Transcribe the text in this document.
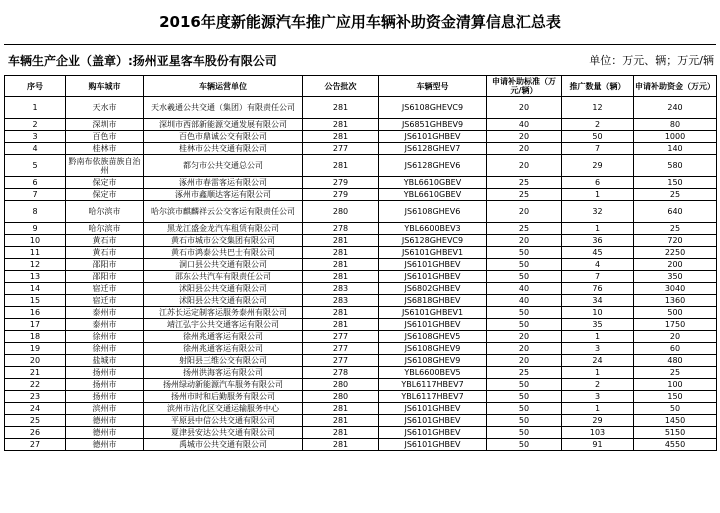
2016年度新能源汽车推广应用车辆补助资金清算信息汇总表
车辆生产企业（盖章）:扬州亚星客车股份有限公司	单位：万元、辆；万元/辆
序号	购车城市	车辆运营单位	公告批次	车辆型号	申请补助标准（万元/辆）	推广数量（辆）	申请补助资金（万元）
1	天水市	天水羲通公共交通（集团）有限责任公司	281	JS6108GHEVC9	20	12	240
2	深圳市	深圳市西部新能源交通发展有限公司	281	JS6851GHBEV9	40	2	80
3	百色市	百色市鼎诚公交有限公司	281	JS6101GHBEV	20	50	1000
4	桂林市	桂林市公共交通有限公司	277	JS6128GHEV7	20	7	140
5	黔南布依族苗族自治州	都匀市公共交通总公司	281	JS6128GHEV6	20	29	580
6	保定市	涿州市春雷客运有限公司	279	YBL6610GBEV	25	6	150
7	保定市	涿州市鑫顺达客运有限公司	279	YBL6610GBEV	25	1	25
8	哈尔滨市	哈尔滨市麒麟祥云公交客运有限责任公司	280	JS6108GHEV6	20	32	640
9	哈尔滨市	黑龙江盛金龙汽车租赁有限公司	278	YBL6600BEV3	25	1	25
10	黄石市	黄石市城市公交集团有限公司	281	JS6128GHEVC9	20	36	720
11	黄石市	黄石市鸿泰公共巴士有限公司	281	JS6101GHBEV1	50	45	2250
12	邵阳市	洞口县公共交通有限公司	281	JS6101GHBEV	50	4	200
13	邵阳市	邵东公共汽车有限责任公司	281	JS6101GHBEV	50	7	350
14	宿迁市	沭阳县公共交通有限公司	283	JS6802GHBEV	40	76	3040
15	宿迁市	沭阳县公共交通有限公司	283	JS6818GHBEV	40	34	1360
16	泰州市	江苏长运定制客运服务泰州有限公司	281	JS6101GHBEV1	50	10	500
17	泰州市	靖江弘宇公共交通客运有限公司	281	JS6101GHBEV	50	35	1750
18	徐州市	徐州兆通客运有限公司	277	JS6108GHEV5	20	1	20
19	徐州市	徐州兆通客运有限公司	277	JS6108GHEV9	20	3	60
20	盐城市	射阳县三维公交有限公司	277	JS6108GHEV9	20	24	480
21	扬州市	扬州洪海客运有限公司	278	YBL6600BEV5	25	1	25
22	扬州市	扬州绿动新能源汽车服务有限公司	280	YBL6117HBEV7	50	2	100
23	扬州市	扬州市时和后勤服务有限公司	280	YBL6117HBEV7	50	3	150
24	滨州市	滨州市沾化区交通运输服务中心	281	JS6101GHBEV	50	1	50
25	德州市	平原县中信公共交通有限公司	281	JS6101GHBEV	50	29	1450
26	德州市	夏津县安达公共交通有限公司	281	JS6101GHBEV	50	103	5150
27	德州市	禹城市公共交通有限公司	281	JS6101GHBEV	50	91	4550
